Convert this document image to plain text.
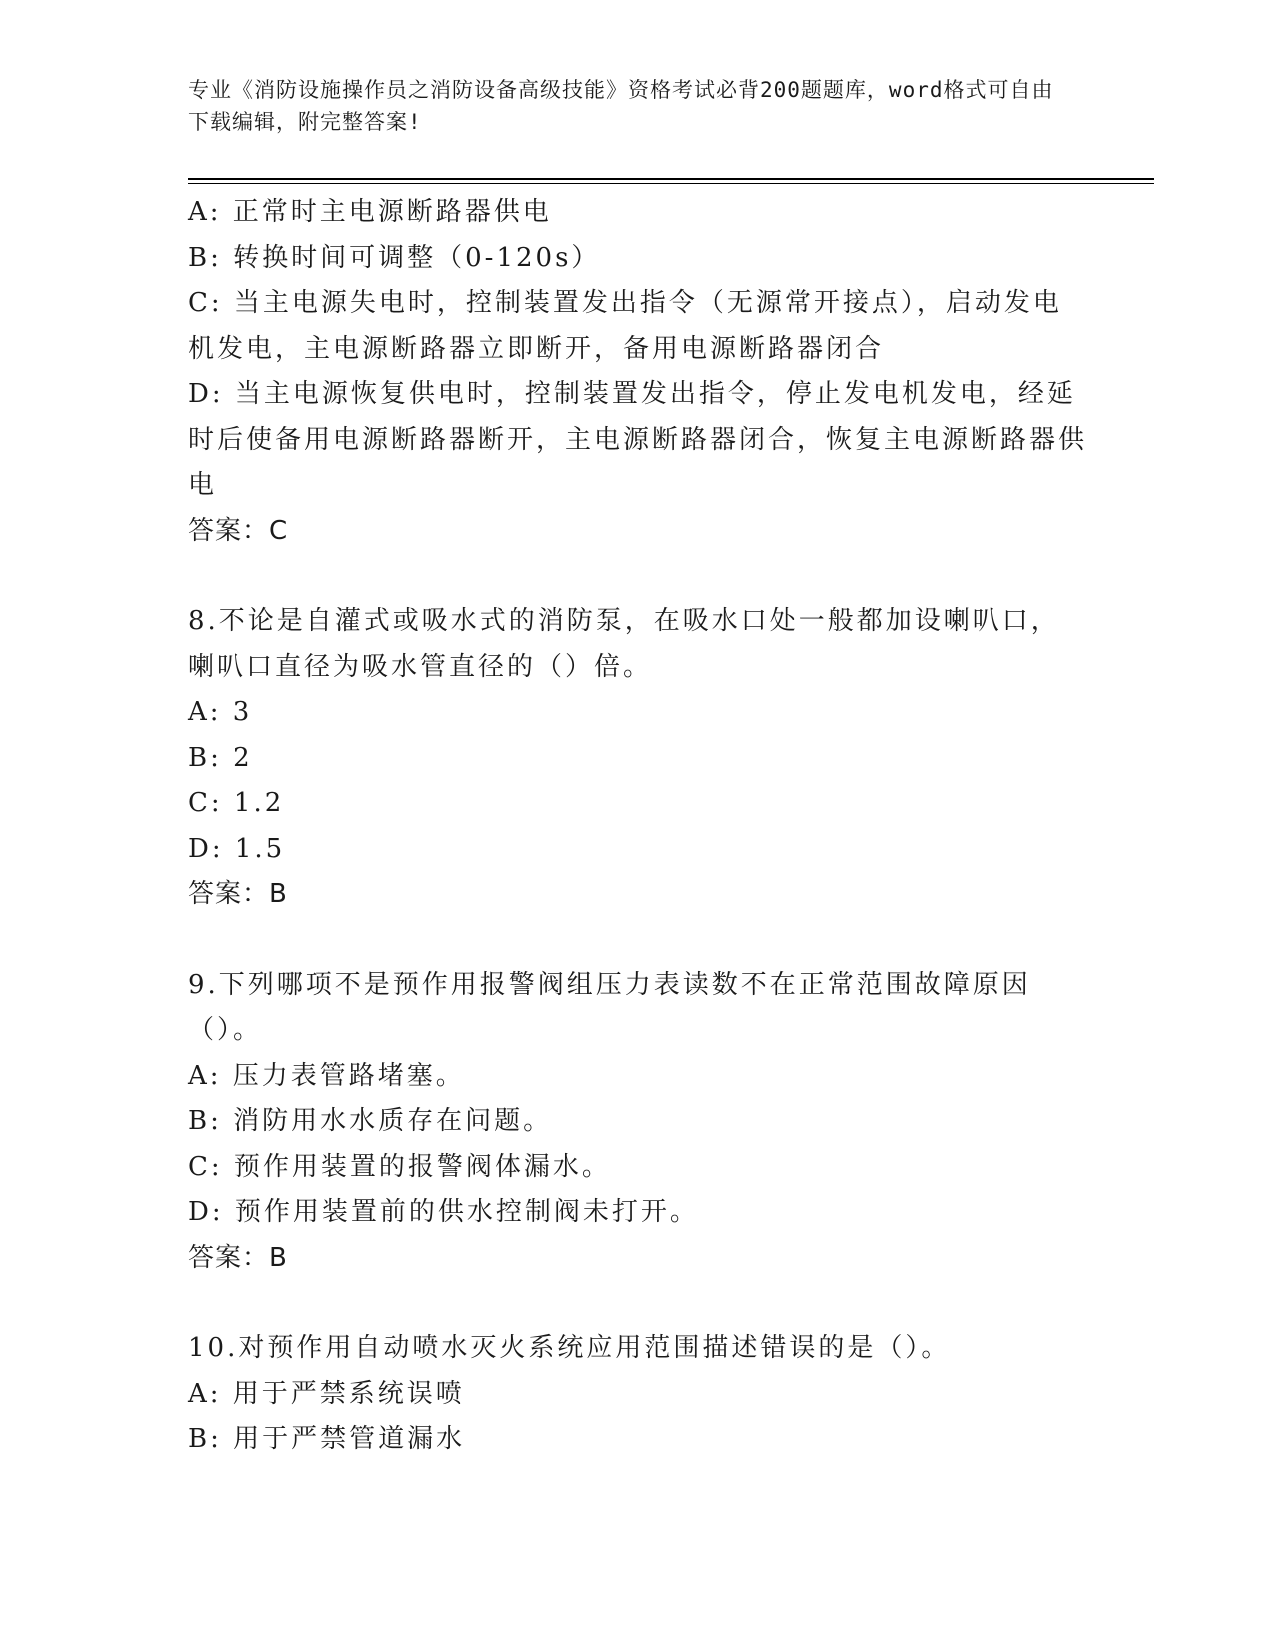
专业《消防设施操作员之消防设备高级技能》资格考试必背200题题库，word格式可自由下载编辑，附完整答案!
A: 正常时主电源断路器供电
B: 转换时间可调整（0-120s）
C: 当主电源失电时，控制装置发出指令（无源常开接点），启动发电机发电，主电源断路器立即断开，备用电源断路器闭合
D: 当主电源恢复供电时，控制装置发出指令，停止发电机发电，经延时后使备用电源断路器断开，主电源断路器闭合，恢复主电源断路器供电
答案：C
8.不论是自灌式或吸水式的消防泵，在吸水口处一般都加设喇叭口，喇叭口直径为吸水管直径的（）倍。
A: 3
B: 2
C: 1.2
D: 1.5
答案：B
9.下列哪项不是预作用报警阀组压力表读数不在正常范围故障原因（）。
A: 压力表管路堵塞。
B: 消防用水水质存在问题。
C: 预作用装置的报警阀体漏水。
D: 预作用装置前的供水控制阀未打开。
答案：B
10.对预作用自动喷水灭火系统应用范围描述错误的是（）。
A: 用于严禁系统误喷
B: 用于严禁管道漏水
